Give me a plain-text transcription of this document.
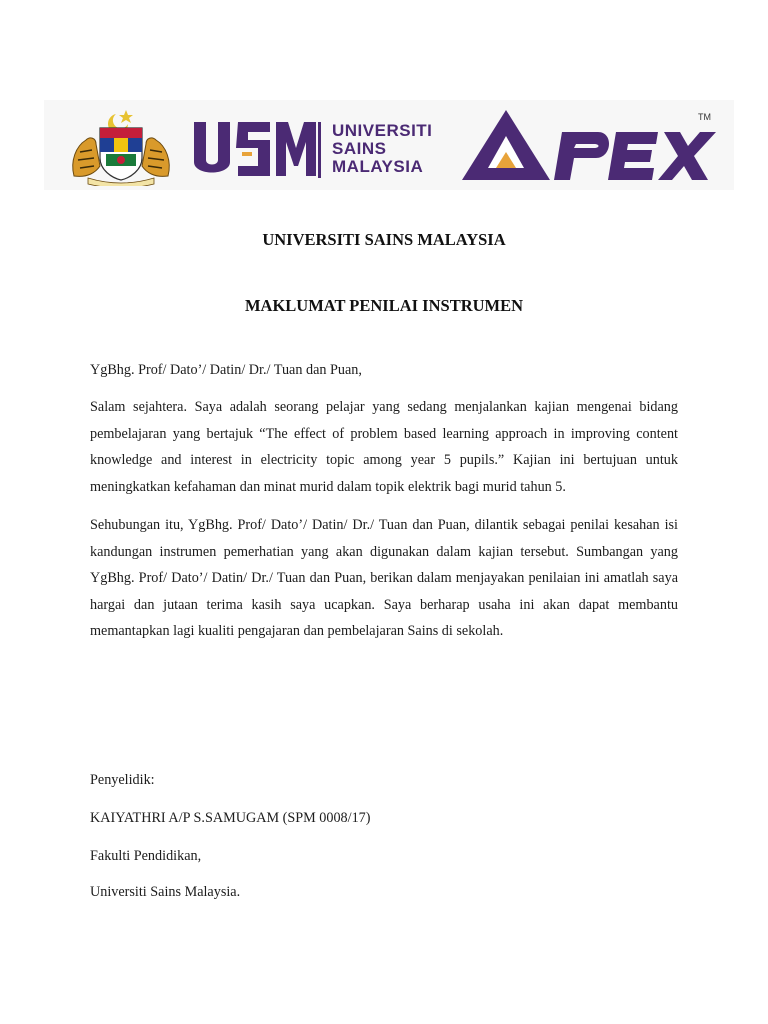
UNIVERSITI
SAINS
MALAYSIA
TM
UNIVERSITI SAINS MALAYSIA
MAKLUMAT PENILAI INSTRUMEN
YgBhg. Prof/ Dato’/ Datin/ Dr./ Tuan dan Puan,
Salam sejahtera. Saya adalah seorang pelajar yang sedang menjalankan kajian mengenai bidang pembelajaran yang bertajuk “The effect of problem based learning approach in improving content knowledge and interest in electricity topic among year 5 pupils.” Kajian ini bertujuan untuk meningkatkan kefahaman dan minat murid dalam topik elektrik bagi murid tahun 5.
Sehubungan itu, YgBhg. Prof/ Dato’/ Datin/ Dr./ Tuan dan Puan, dilantik sebagai penilai kesahan isi kandungan instrumen pemerhatian yang akan digunakan dalam kajian tersebut. Sumbangan yang YgBhg. Prof/ Dato’/ Datin/ Dr./ Tuan dan Puan, berikan dalam menjayakan penilaian ini amatlah saya hargai dan jutaan terima kasih saya ucapkan. Saya berharap usaha ini akan dapat membantu memantapkan lagi kualiti pengajaran dan pembelajaran Sains di sekolah.
Penyelidik:
KAIYATHRI A/P S.SAMUGAM (SPM 0008/17)
Fakulti Pendidikan,
Universiti Sains Malaysia.
